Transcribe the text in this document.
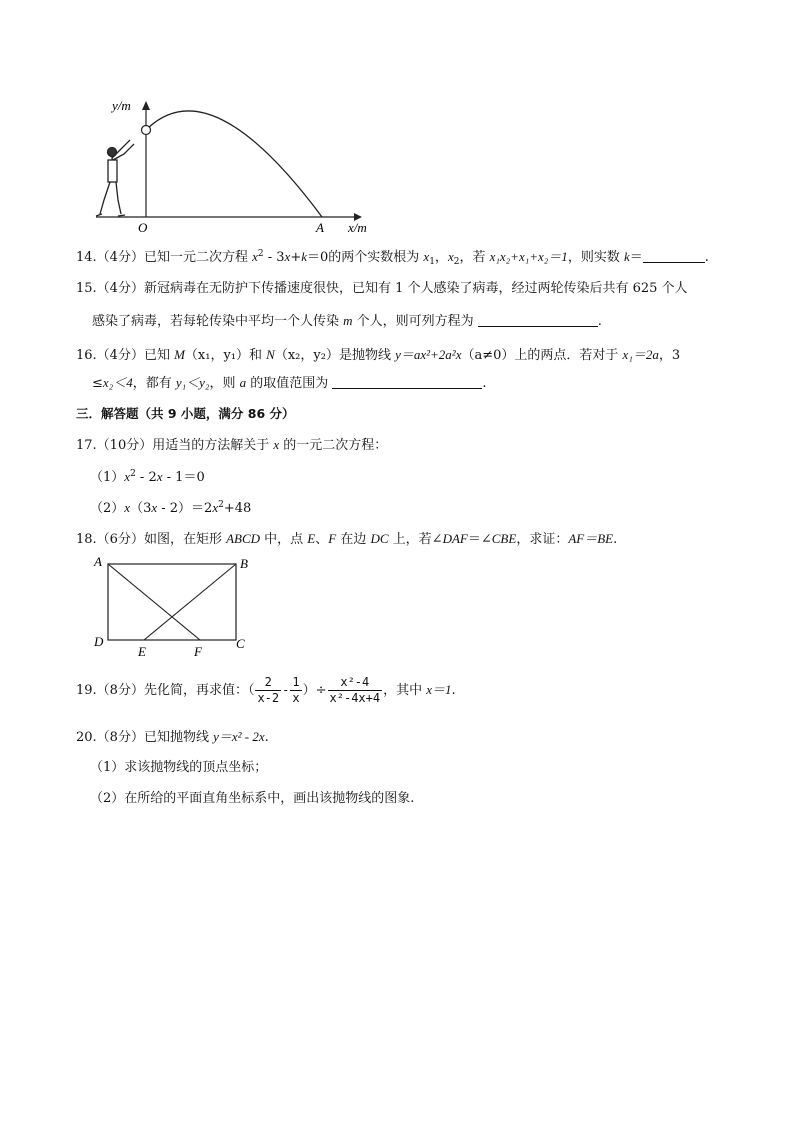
y/m
x/m
O	A
14.（4分）已知一元二次方程 $x^2 - 3x+k=0$的两个实数根为 $x_1$，$x_2$，若 x₁x₂+x₁+x₂＝1，则实数 k＝	.
15.（4分）新冠病毒在无防护下传播速度很快，已知有 1 个人感染了病毒，经过两轮传染后共有 625 个人
感染了病毒，若每轮传染中平均一个人传染 m 个人，则可列方程为	.
16.（4分）已知 M（x₁，y₁）和 N（x₂，y₂）是抛物线 y＝ax²+2a²x（a≠0）上的两点．若对于 x₁＝2a，3
≤x₂＜4，都有 y₁＜y₂，则 a 的取值范围为	.
三．解答题（共 9 小题，满分 86 分）
17.（10分）用适当的方法解关于 x 的一元二次方程：
$(1)x^2 - 2x - 1=0$
$(2)x(3x - 2)=2x^2+48$
18.（6分）如图，在矩形 ABCD 中，点 E、F 在边 DC 上，若∠DAF＝∠CBE，求证：AF＝BE.
A	B
C
D
E	F
19.（8分）先化简，再求值：（ $\frac{2}{x-2} - \frac{1}{x}$ ）÷ $\frac{\text{x²-4}}{\text{x²-4x+4}}$ ，其中 x＝1.
20.（8分）已知抛物线 y＝x² - 2x.
（1）求该抛物线的顶点坐标；
（2）在所给的平面直角坐标系中，画出该抛物线的图象.
